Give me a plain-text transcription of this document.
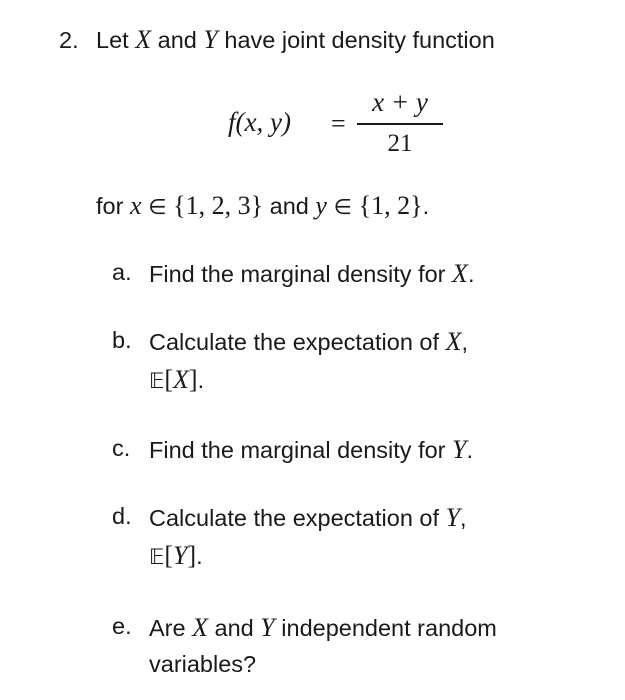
2. Let X and Y have joint density function
f(x, y) =
x + y
21
for x ∈ {1, 2, 3} and y ∈ {1, 2}.
a. Find the marginal density for X.
b. Calculate the expectation of X,
𝔼[X].
c. Find the marginal density for Y.
d. Calculate the expectation of Y,
𝔼[Y].
e. Are X and Y independent random
variables?
